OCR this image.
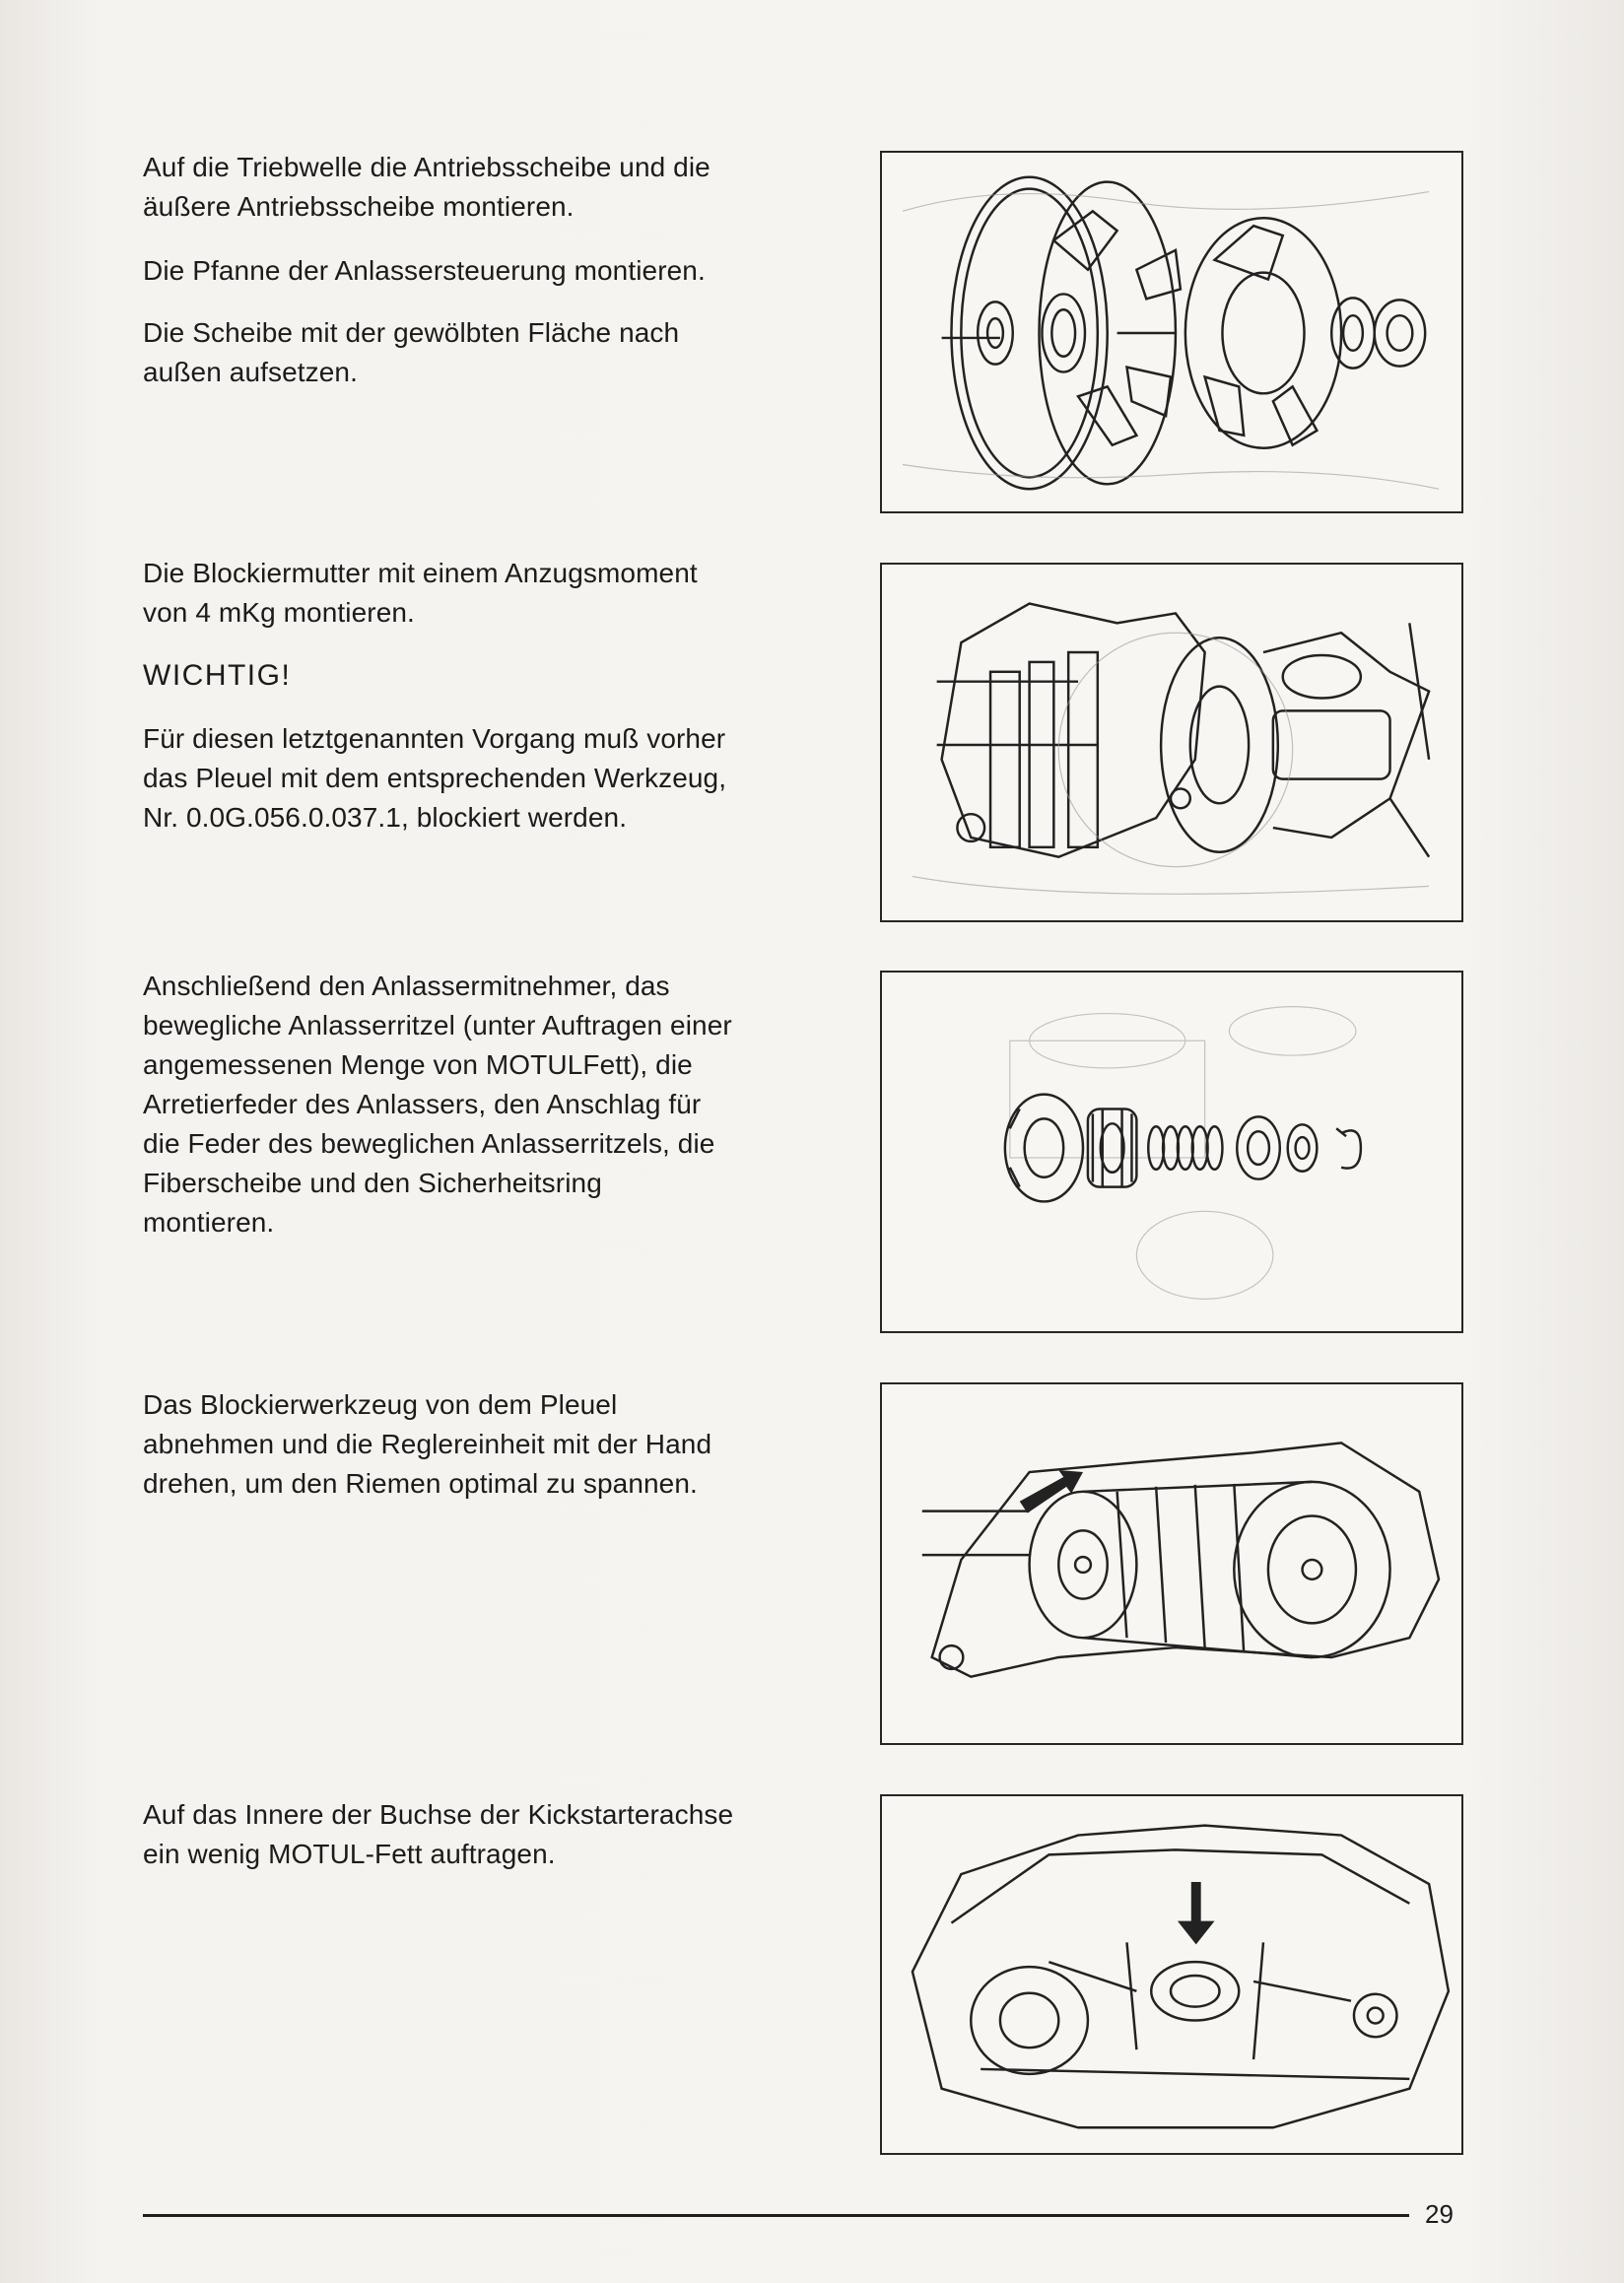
Auf die Triebwelle die Antriebsscheibe und die

äußere Antriebsscheibe montieren.

Die Pfanne der Anlassersteuerung montieren.

Die Scheibe mit der gewölbten Fläche nach

außen aufsetzen.

Die Blockiermutter mit einem Anzugsmoment

von 4 mKg montieren.

WICHTIG!

Für diesen letztgenannten Vorgang muß vorher

das Pleuel mit dem entsprechenden Werkzeug,

Nr. 0.0G.056.0.037.1, blockiert werden.

Anschließend den Anlassermitnehmer, das

bewegliche Anlasserritzel (unter Auftragen einer

angemessenen Menge von MOTULFett), die

Arretierfeder des Anlassers, den Anschlag für

die Feder des beweglichen Anlasserritzels, die

Fiberscheibe und den Sicherheitsring

montieren.

Das Blockierwerkzeug von dem Pleuel

abnehmen und die Reglereinheit mit der Hand

drehen, um den Riemen optimal zu spannen.

Auf das Innere der Buchse der Kickstarterachse

ein wenig MOTUL-Fett auftragen.

29
